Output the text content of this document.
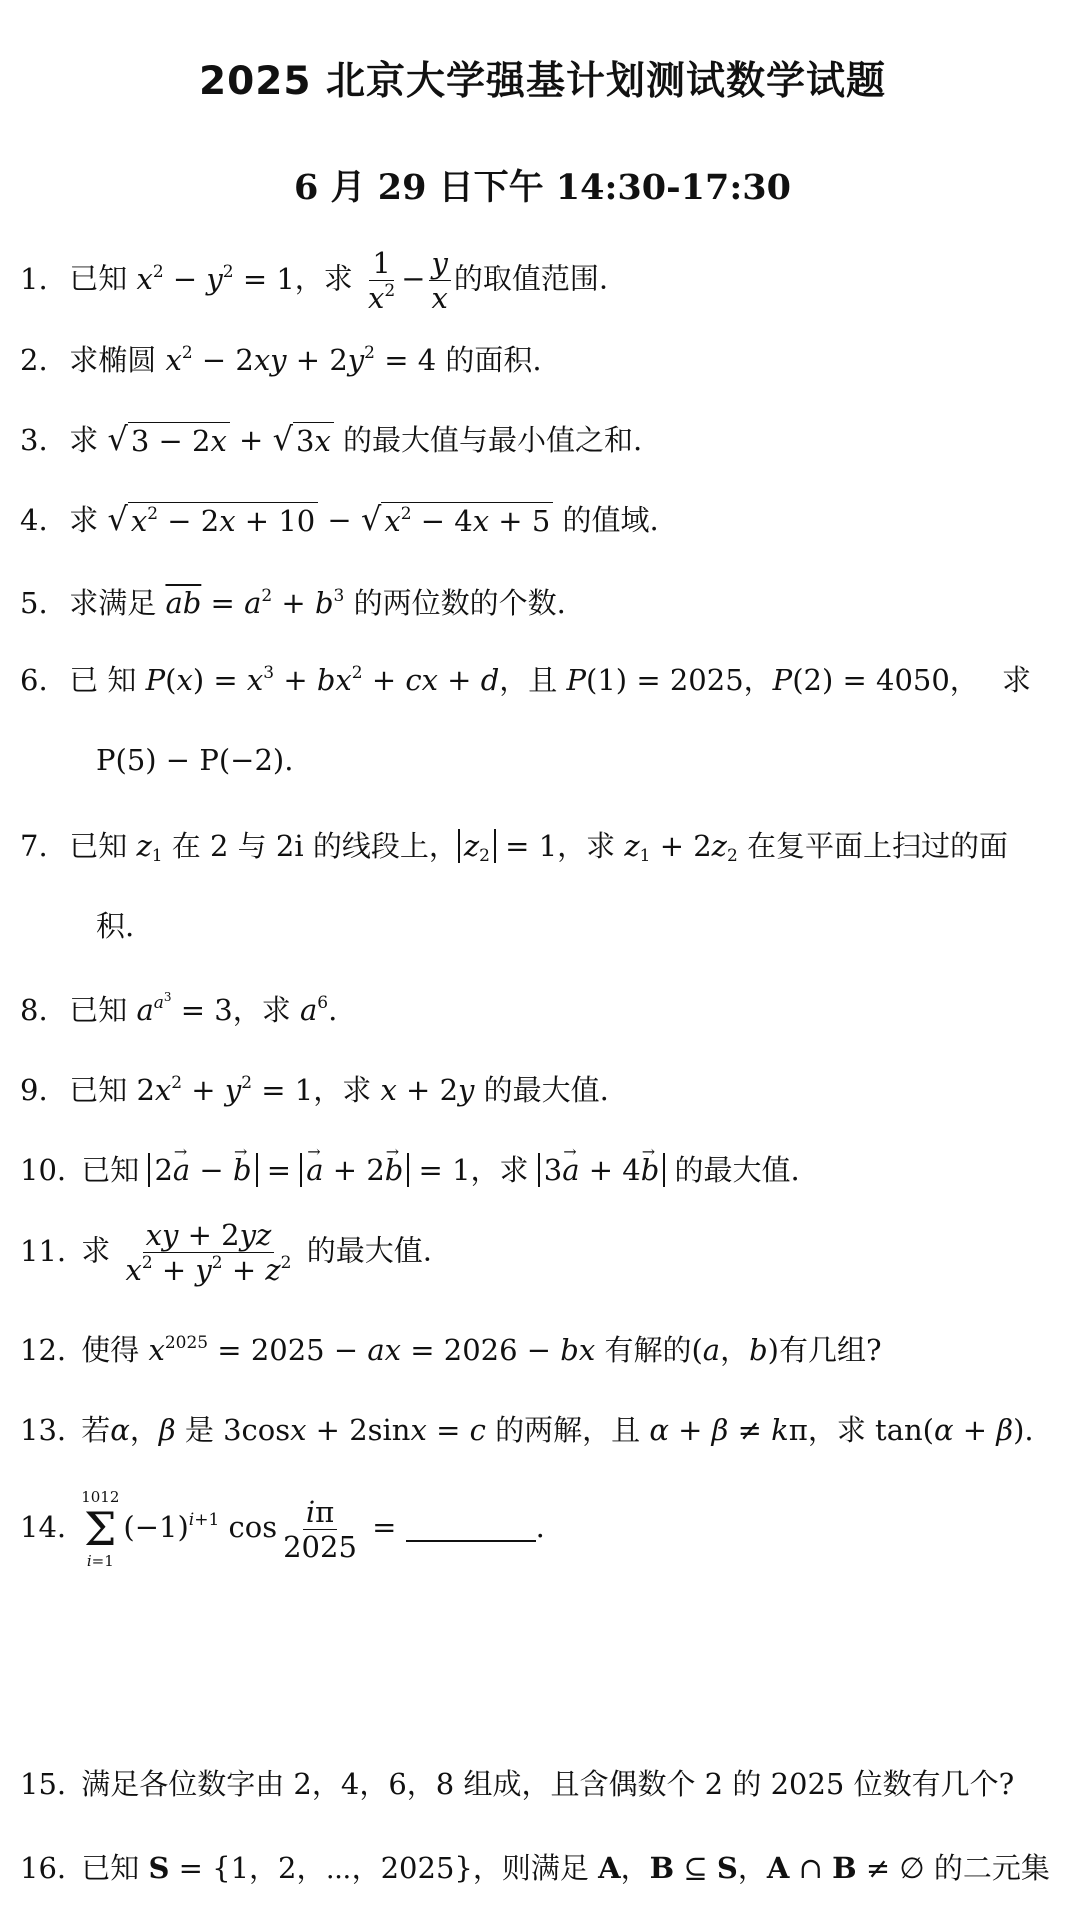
2025 北京大学强基计划测试数学试题
6 月 29 日下午 14:30-17:30
1. 已知 $x^2 - y^2 = 1$，求 $\frac{1}{x^2} - \frac{y}{x}$ 的取值范围.
2. 求椭圆 $x^2 - 2xy + 2y^2 = 4$ 的面积.
3. 求 √ 3 − 2x + √ 3x 的最大值与最小值之和.
4. 求 √ $x^2 - 2x + 10$ − √ $x^2 - 4x + 5$ 的值域.
5. 求满足 $\overline{ab} = a^2 + b^3$ 的两位数的个数.
6. 已 知 $P(x) = x^3 + bx^2$ + cx + d，且 P(1) = 2025，P(2) = 4050， 求
P(5) − P(−2).
7. 已知 $z_1$ 在 2 与 2i 的线段上， $z_2 = 1$，求 $z_1 + 2z_2$ 在复平面上扫过的面
积.
8. 已知 $a^{a^3} = 3$，求 $a^6$.
9. 已知 $2x^2 + y^2 = 1$，求 x + 2y 的最大值.
10. 已知 2→ a − → b = → a + 2→ b = 1，求 3→ a + 4→ b 的最大值.
11. 求 $\frac{xy + 2yz}{x^2 + y^2 + z^2}$ 的最大值.
12. 使得 $x^{2025} = 2025$ − ax = 2026 − bx 有解的(a，b)有几组?
13. 若α，β 是 3cosx + 2sinx = c 的两解，且 α + β ≠ kπ，求 tan(α + β).
14.
1012
Σ
i=1
$(-1)^{i+1}$ $\cos \frac{i\pi}{2025}$ =	.
15. 满足各位数字由 2，4，6，8 组成，且含偶数个 2 的 2025 位数有几个?
16. 已知 S = {1，2，⋯，2025}，则满足 A，B ⊆ S，A ∩ B ≠ ∅ 的二元集
